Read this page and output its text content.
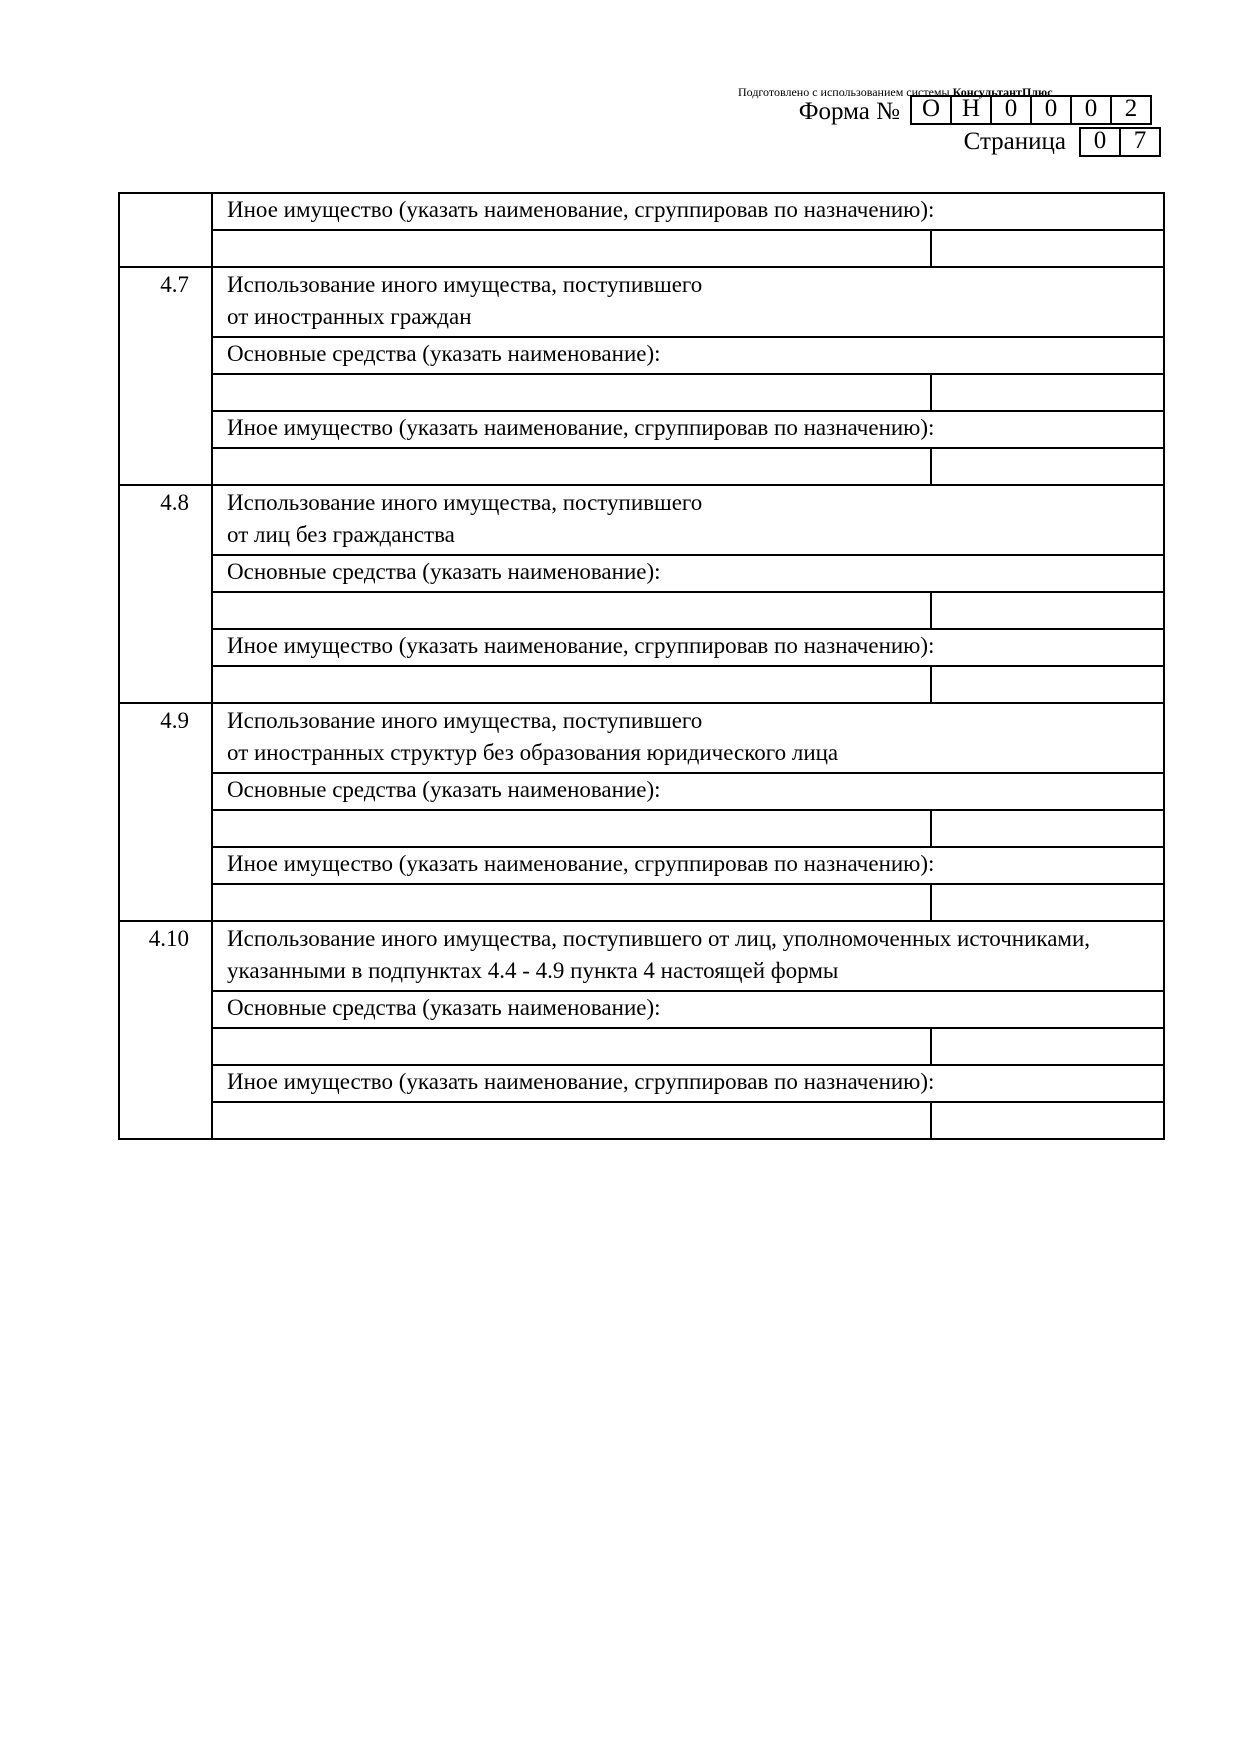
Подготовлено с использованием системы КонсультантПлюс
Форма № О Н 0	0	0	2
Страница	0	7
	Иное имущество (указать наименование, сгруппировав по назначению):	

4.7	Использование иного имущества, поступившего
от иностранных граждан	

	Основные средства (указать наименование):	

	Иное имущество (указать наименование, сгруппировав по назначению):	

4.8	Использование иного имущества, поступившего
от лиц без гражданства	

	Основные средства (указать наименование):	

	Иное имущество (указать наименование, сгруппировав по назначению):	

4.9	Использование иного имущества, поступившего
от иностранных структур без образования юридического лица	

	Основные средства (указать наименование):	

	Иное имущество (указать наименование, сгруппировав по назначению):	

4.10	Использование иного имущества, поступившего от лиц, уполномоченных источниками,
указанными в подпунктах 4.4 - 4.9 пункта 4 настоящей формы	

	Основные средства (указать наименование):	

	Иное имущество (указать наименование, сгруппировав по назначению):	
